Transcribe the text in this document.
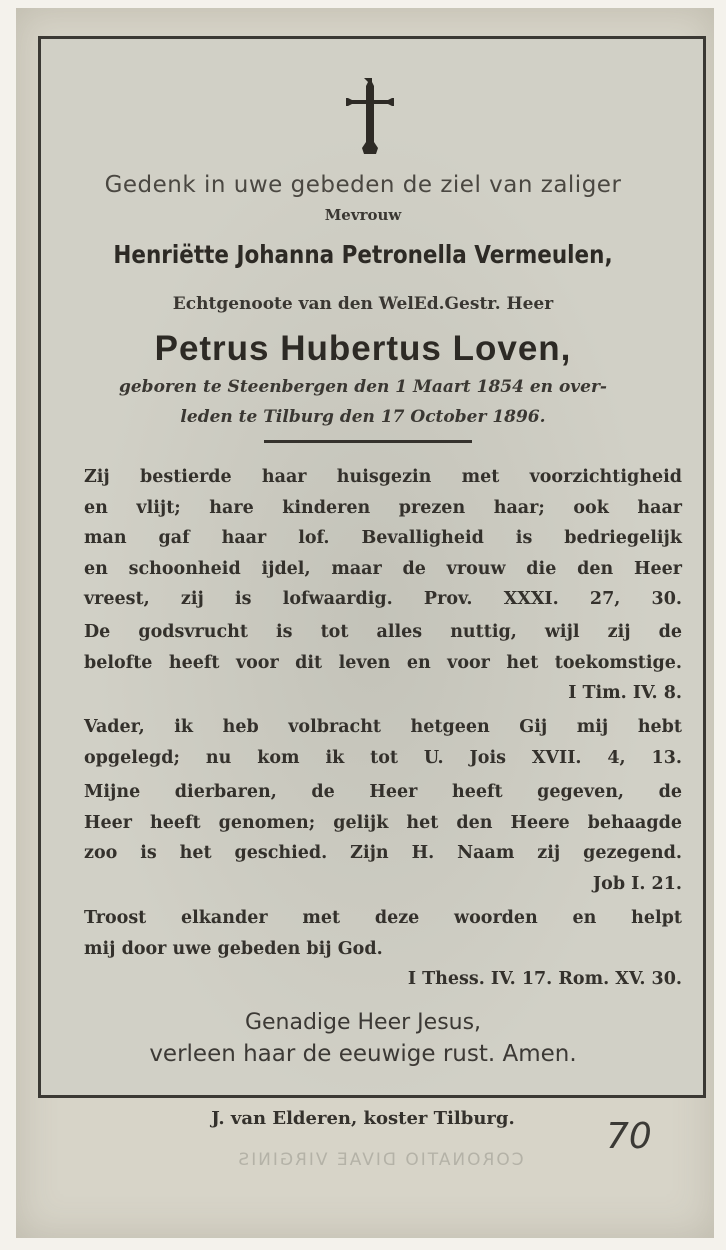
Gedenk in uwe gebeden de ziel van zaliger
Mevrouw
Henriëtte Johanna Petronella Vermeulen,
Echtgenoote van den WelEd.Gestr. Heer
Petrus Hubertus Loven,
geboren te Steenbergen den 1 Maart 1854 en over-
leden te Tilburg den 17 October 1896.
Zij bestierde haar huisgezin met voorzichtigheid
en vlijt; hare kinderen prezen haar; ook haar
man gaf haar lof. Bevalligheid is bedriegelijk
en schoonheid ijdel, maar de vrouw die den Heer
vreest, zij is lofwaardig. Prov. XXXI. 27, 30.
De godsvrucht is tot alles nuttig, wijl zij de
belofte heeft voor dit leven en voor het toekomstige.
I Tim. IV. 8.
Vader, ik heb volbracht hetgeen Gij mij hebt
opgelegd; nu kom ik tot U. Jois XVII. 4, 13.
Mijne dierbaren, de Heer heeft gegeven, de
Heer heeft genomen; gelijk het den Heere behaagde
zoo is het geschied. Zijn H. Naam zij gezegend.
Job I. 21.
Troost elkander met deze woorden en helpt
mij door uwe gebeden bij God.
I Thess. IV. 17. Rom. XV. 30.
Genadige Heer Jesus,
verleen haar de eeuwige rust. Amen.
J. van Elderen, koster Tilburg.	70
CORONATIO DIVAE VIRGINIS
